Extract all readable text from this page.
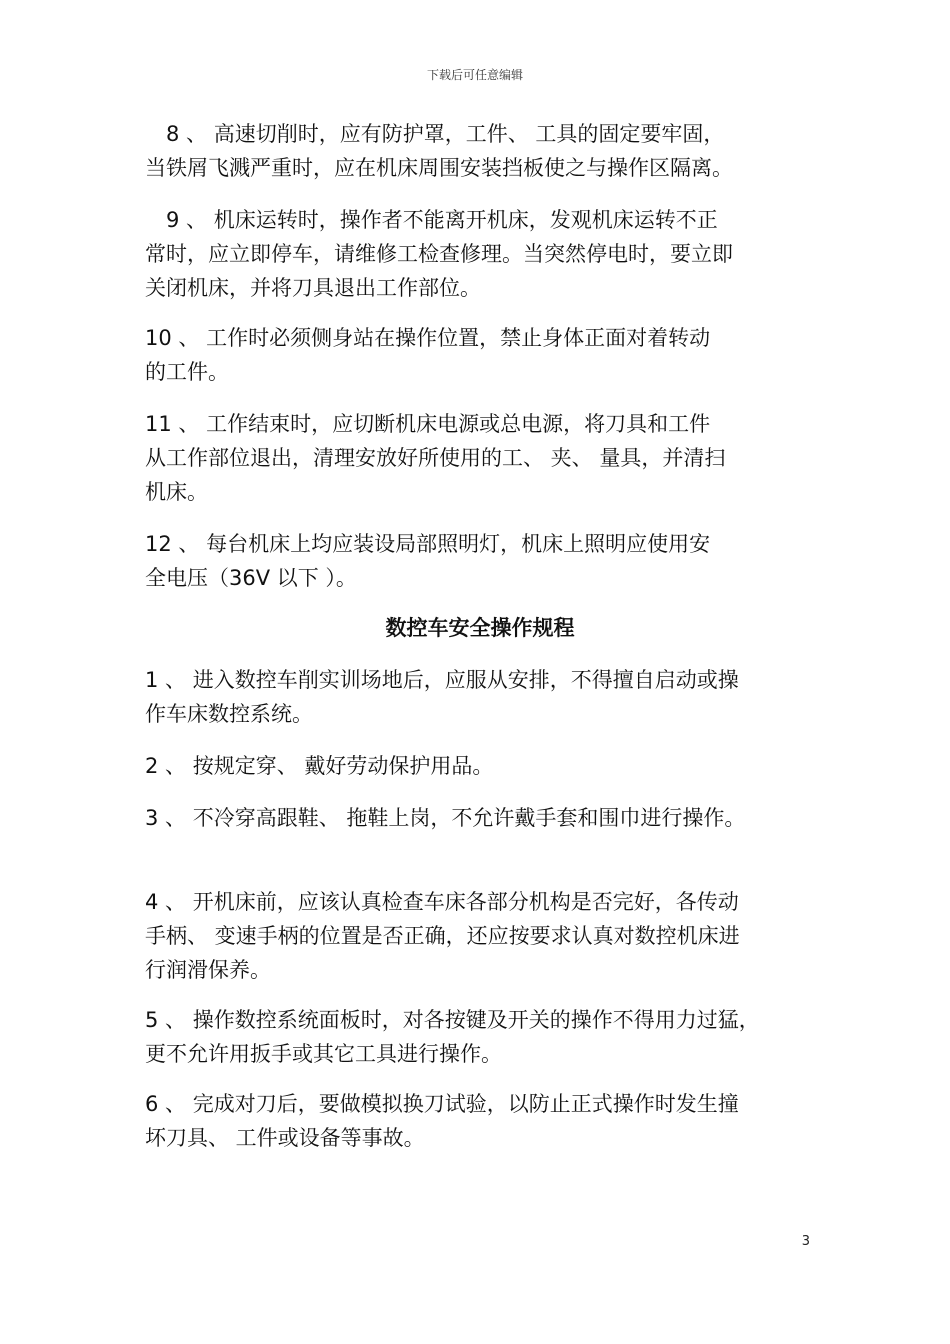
下载后可任意编辑
　8 、 高速切削时，应有防护罩，工件、 工具的固定要牢固，
当铁屑飞溅严重时，应在机床周围安装挡板使之与操作区隔离。
　9 、 机床运转时，操作者不能离开机床，发观机床运转不正
常时，应立即停车，请维修工检查修理。当突然停电时，要立即
关闭机床，并将刀具退出工作部位。
10 、 工作时必须侧身站在操作位置，禁止身体正面对着转动
的工件。
11 、 工作结束时，应切断机床电源或总电源，将刀具和工件
从工作部位退出，清理安放好所使用的工、 夹、 量具，并清扫
机床。
12 、 每台机床上均应装设局部照明灯，机床上照明应使用安
全电压（36V 以下 ）。
数控车安全操作规程
1 、 进入数控车削实训场地后，应服从安排，不得擅自启动或操
作车床数控系统。
2 、 按规定穿、 戴好劳动保护用品。
3 、 不冷穿高跟鞋、 拖鞋上岗，不允许戴手套和围巾进行操作。
4 、 开机床前，应该认真检查车床各部分机构是否完好，各传动
手柄、 变速手柄的位置是否正确，还应按要求认真对数控机床进
行润滑保养。
5 、 操作数控系统面板时，对各按键及开关的操作不得用力过猛，
更不允许用扳手或其它工具进行操作。
6 、 完成对刀后，要做模拟换刀试验，以防止正式操作时发生撞
坏刀具、 工件或设备等事故。
3
